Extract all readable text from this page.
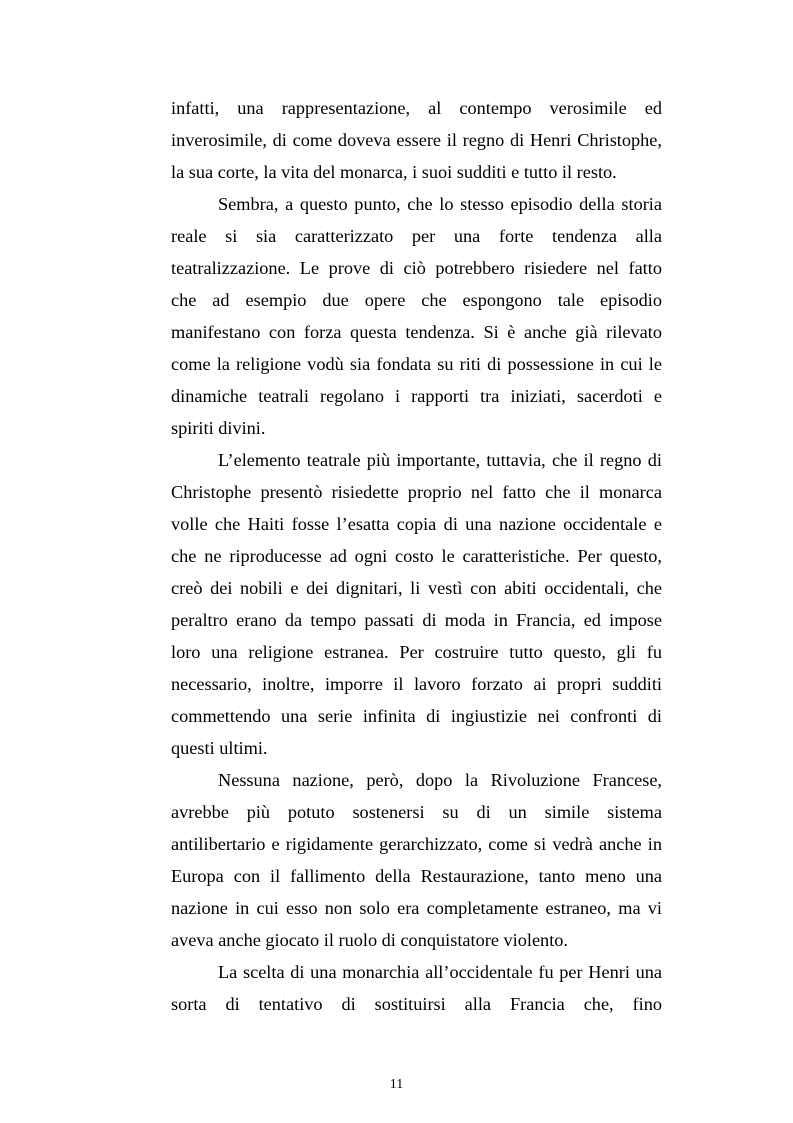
infatti, una rappresentazione, al contempo verosimile ed
inverosimile, di come doveva essere il regno di Henri Christophe,
la sua corte, la vita del monarca, i suoi sudditi e tutto il resto.
Sembra, a questo punto, che lo stesso episodio della storia
reale si sia caratterizzato per una forte tendenza alla
teatralizzazione. Le prove di ciò potrebbero risiedere nel fatto
che ad esempio due opere che espongono tale episodio
manifestano con forza questa tendenza. Si è anche già rilevato
come la religione vodù sia fondata su riti di possessione in cui le
dinamiche teatrali regolano i rapporti tra iniziati, sacerdoti e
spiriti divini.
L’elemento teatrale più importante, tuttavia, che il regno di
Christophe presentò risiedette proprio nel fatto che il monarca
volle che Haiti fosse l’esatta copia di una nazione occidentale e
che ne riproducesse ad ogni costo le caratteristiche. Per questo,
creò dei nobili e dei dignitari, li vestì con abiti occidentali, che
peraltro erano da tempo passati di moda in Francia, ed impose
loro una religione estranea. Per costruire tutto questo, gli fu
necessario, inoltre, imporre il lavoro forzato ai propri sudditi
commettendo una serie infinita di ingiustizie nei confronti di
questi ultimi.
Nessuna nazione, però, dopo la Rivoluzione Francese,
avrebbe più potuto sostenersi su di un simile sistema
antilibertario e rigidamente gerarchizzato, come si vedrà anche in
Europa con il fallimento della Restaurazione, tanto meno una
nazione in cui esso non solo era completamente estraneo, ma vi
aveva anche giocato il ruolo di conquistatore violento.
La scelta di una monarchia all’occidentale fu per Henri una
sorta di tentativo di sostituirsi alla Francia che, fino
11
